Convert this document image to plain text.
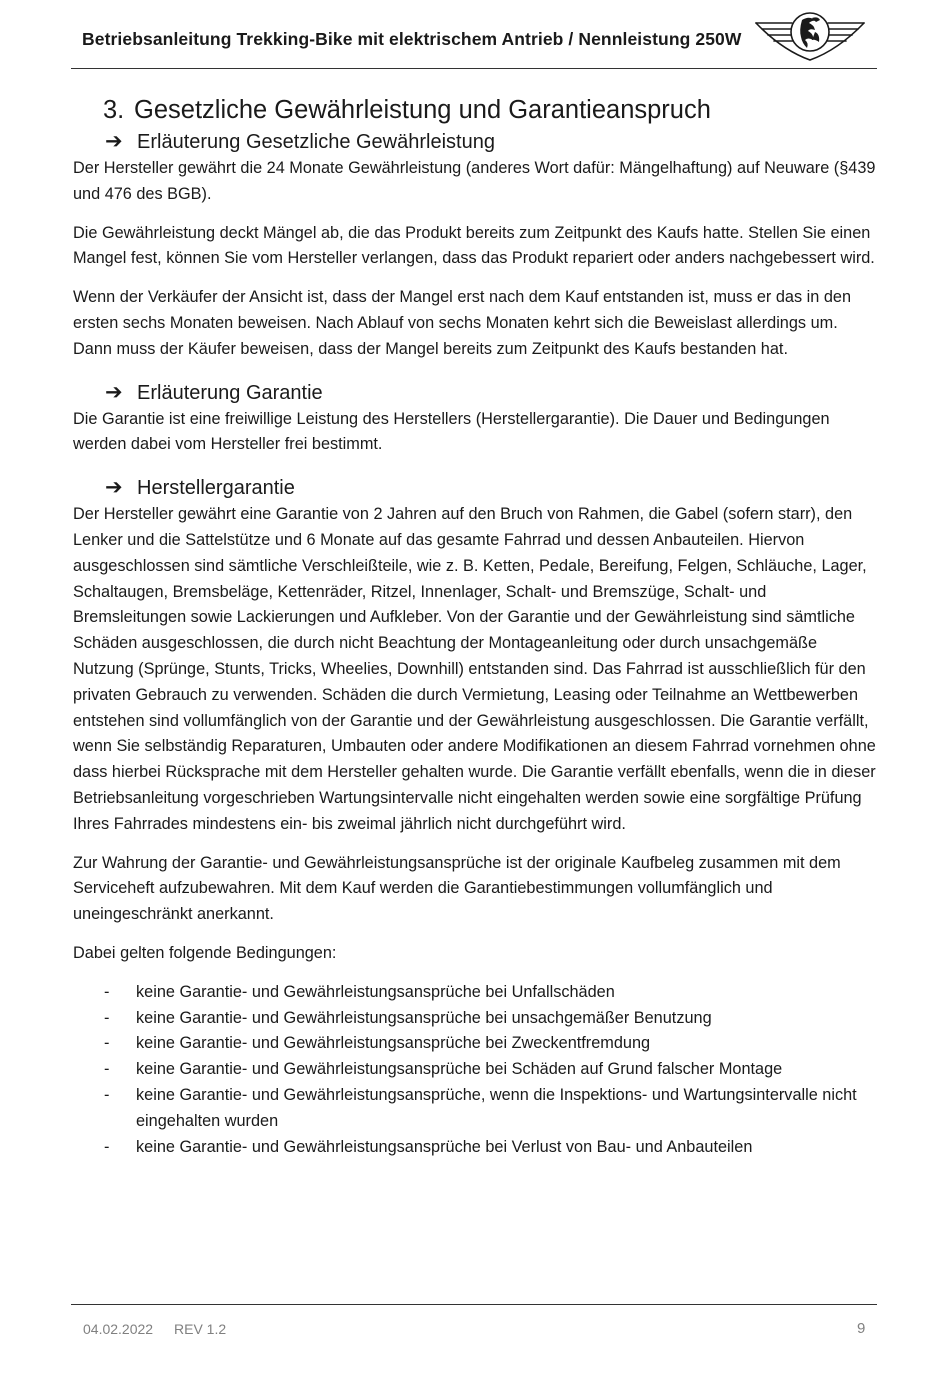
Betriebsanleitung Trekking-Bike mit elektrischem Antrieb / Nennleistung 250W
3. Gesetzliche Gewährleistung und Garantieanspruch
➔ Erläuterung Gesetzliche Gewährleistung

Der Hersteller gewährt die 24 Monate Gewährleistung (anderes Wort dafür: Mängelhaftung) auf Neuware (§439 und 476 des BGB).

Die Gewährleistung deckt Mängel ab, die das Produkt bereits zum Zeitpunkt des Kaufs hatte. Stellen Sie einen Mangel fest, können Sie vom Hersteller verlangen, dass das Produkt repariert oder anders nachgebessert wird.

Wenn der Verkäufer der Ansicht ist, dass der Mangel erst nach dem Kauf entstanden ist, muss er das in den ersten sechs Monaten beweisen. Nach Ablauf von sechs Monaten kehrt sich die Beweislast allerdings um. Dann muss der Käufer beweisen, dass der Mangel bereits zum Zeitpunkt des Kaufs bestanden hat.

➔ Erläuterung Garantie

Die Garantie ist eine freiwillige Leistung des Herstellers (Herstellergarantie). Die Dauer und Bedingungen werden dabei vom Hersteller frei bestimmt.

➔ Herstellergarantie

Der Hersteller gewährt eine Garantie von 2 Jahren auf den Bruch von Rahmen, die Gabel (sofern starr), den Lenker und die Sattelstütze und 6 Monate auf das gesamte Fahrrad und dessen Anbauteilen. Hiervon ausgeschlossen sind sämtliche Verschleißteile, wie z. B. Ketten, Pedale, Bereifung, Felgen, Schläuche, Lager, Schaltaugen, Bremsbeläge, Kettenräder, Ritzel, Innenlager, Schalt- und Bremszüge, Schalt- und Bremsleitungen sowie Lackierungen und Aufkleber. Von der Garantie und der Gewährleistung sind sämtliche Schäden ausgeschlossen, die durch nicht Beachtung der Montageanleitung oder durch unsachgemäße Nutzung (Sprünge, Stunts, Tricks, Wheelies, Downhill) entstanden sind. Das Fahrrad ist ausschließlich für den privaten Gebrauch zu verwenden. Schäden die durch Vermietung, Leasing oder Teilnahme an Wettbewerben entstehen sind vollumfänglich von der Garantie und der Gewährleistung ausgeschlossen. Die Garantie verfällt, wenn Sie selbständig Reparaturen, Umbauten oder andere Modifikationen an diesem Fahrrad vornehmen ohne dass hierbei Rücksprache mit dem Hersteller gehalten wurde. Die Garantie verfällt ebenfalls, wenn die in dieser Betriebsanleitung vorgeschrieben Wartungsintervalle nicht eingehalten werden sowie eine sorgfältige Prüfung Ihres Fahrrades mindestens ein- bis zweimal jährlich nicht durchgeführt wird.

Zur Wahrung der Garantie- und Gewährleistungsansprüche ist der originale Kaufbeleg zusammen mit dem Serviceheft aufzubewahren. Mit dem Kauf werden die Garantiebestimmungen vollumfänglich und uneingeschränkt anerkannt.

Dabei gelten folgende Bedingungen:

- keine Garantie- und Gewährleistungsansprüche bei Unfallschäden
- keine Garantie- und Gewährleistungsansprüche bei unsachgemäßer Benutzung
- keine Garantie- und Gewährleistungsansprüche bei Zweckentfremdung
- keine Garantie- und Gewährleistungsansprüche bei Schäden auf Grund falscher Montage
- keine Garantie- und Gewährleistungsansprüche, wenn die Inspektions- und Wartungsintervalle nicht eingehalten wurden
- keine Garantie- und Gewährleistungsansprüche bei Verlust von Bau- und Anbauteilen
04.02.2022 REV 1.2	9
